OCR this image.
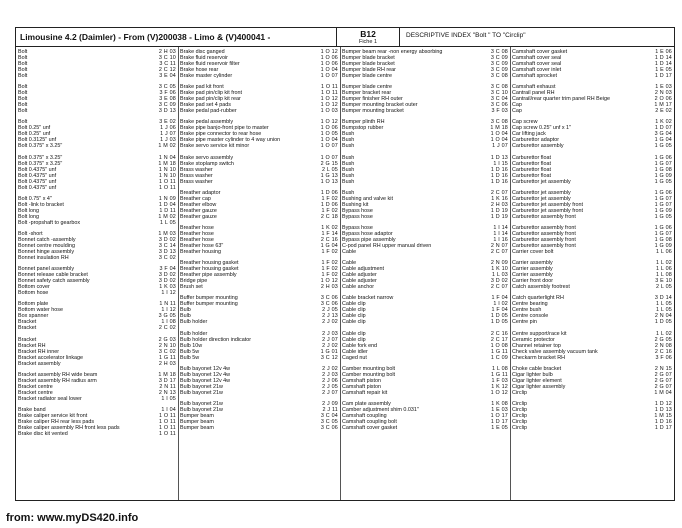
Limousine 4.2 (Daimler) - From (V)200038 - Limo & (V)400041 -	B12
Fiche 1
DESCRIPTIVE INDEX "Bolt " TO "Circlip"
Bolt	2 H 03
Bolt	3 C 10
Bolt	3 C 11
Bolt	2 C 12
Bolt	3 E 04
Bolt	3 C 05
Bolt	3 F 06
Bolt	3 E 08
Bolt	3 C 09
Bolt	3 D 13
Bolt	3 E 02
Bolt 0.25" unf	1 J 06
Bolt 0.25" unf	1 J 07
Bolt 0.3125" unf	1 J 03
Bolt 0.375" x 3.25"	1 M 02
Bolt 0.375" x 3.25"	1 N 04
Bolt 0.375" x 3.25"	1 M 18
Bolt 0.4375" unf	1 N 10
Bolt 0.4375" unf	1 N 10
Bolt 0.4375" unf	1 O 11
Bolt 0.4375" unf	1 O 11
Bolt 0.75" x 4"	1 N 09
Bolt -link to bracket	1 D 04
Bolt long	1 D 11
Bolt long	1 M 02
Bolt -propshaft to gearbox	1 L 05
Bolt -short	1 M 03
Bonnet catch -assembly	3 D 02
Bonnet centre moulding	3 C 14
Bonnet hinge assembly	3 D 13
Bonnet insulation RH	3 C 02
Bonnet panel assembly	3 F 04
Bonnet release cable bracket	3 D 02
Bonnet safety catch assembly	3 D 02
Bottom cover	1 K 03
Bottom hose	1 I 12
Bottom plate	1 N 11
Bottom water hose	1 I 12
Box spanner	3 G 05
Bracket	1 I 08
Bracket	2 C 02
Bracket	2 G 03
Bracket RH	2 N 10
Bracket RH inner	3 C 02
Bracket accelerator linkage	1 G 11
Bracket assembly	2 H 03
Bracket assembly RH wide beam	1 M 18
Bracket assembly RH radius arm	3 D 17
Bracket centre	2 N 11
Bracket centre	2 N 13
Bracket radiator seal lower	1 I 05
Brake band	1 I 04
Brake caliper service kit front	1 O 11
Brake caliper RH rear less pads	1 O 11
Brake caliper assembly RH front less pads	1 O 11
Brake disc kit vented	1 O 11
Brake disc ganged	1 O 12
Brake fluid reservoir	1 O 06
Brake fluid reservoir filter	1 O 06
Brake hose rear	1 O 04
Brake master cylinder	1 O 07
Brake pad kit front	1 O 11
Brake pad pin/clip kit front	1 O 11
Brake pad pin/clip kit rear	1 O 12
Brake pad set 4 pads	1 O 12
Brake pedal pad-rubber	1 O 03
Brake pedal assembly	1 O 12
Brake pipe banjo-front pipe to master	1 O 06
Brake pipe connector to rear hose	1 O 05
Brake pipe master cylinder to 4 way union	1 O 04
Brake servo service kit minor	1 O 07
Brake servo assembly	1 O 07
Brake stoplamp switch	2 G 15
Brass washer	2 L 05
Brass washer	1 G 13
Brass washer	1 O 13
Breather adaptor	1 D 06
Breather cap	1 F 02
Breather elbow	1 D 06
Breather gauze	1 F 02
Breather gauze	2 C 18
Breather hose	1 K 02
Breather hose	1 F 14
Breather hose	2 C 16
Breather hose 63"	1 G 04
Breather housing	1 F 02
Breather housing gasket	1 F 02
Breather housing gasket	1 F 02
Breather pipe assembly	1 F 02
Bridge pipe	1 O 12
Brush set	2 H 03
Buffer bumper mounting	3 C 06
Buffer bumper mounting	3 C 06
Bulb	2 J 05
Bulb	2 J 13
Bulb holder	2 J 02
Bulb holder	2 J 03
Bulb holder direction indicator	2 J 07
Bulb 10w	2 J 02
Bulb 5w	1 G 01
Bulb 5w	3 C 12
Bulb bayonet 12v 4w	2 J 02
Bulb bayonet 12v 4w	2 J 03
Bulb bayonet 12v 4w	2 J 06
Bulb bayonet 21w	2 J 05
Bulb bayonet 21w	2 J 07
Bulb bayonet 21w	2 J 09
Bulb bayonet 21w	2 J 11
Bumper beam	3 C 04
Bumper beam	3 C 05
Bumper beam	3 C 06
Bumper beam rear -non energy absorbing	3 C 08
Bumper blade bracket	3 C 09
Bumper blade bracket	3 C 09
Bumper blade RH rear	3 C 09
Bumper blade centre	3 C 08
Bumper blade centre	3 C 08
Bumper bracket rear	3 C 10
Bumper finisher RH outer	3 C 04
Bumper mounting bracket outer	3 C 06
Bumper mounting bracket	3 F 03
Bumper plinth RH	3 C 08
Bumpstop rubber	1 M 18
Bush	1 O 04
Bush	1 O 04
Bush	1 J 07
Bush	1 D 13
Bush	1 I 15
Bush	1 D 16
Bush	1 D 16
Bush	1 D 16
Bush	2 C 07
Bushing and valve kit	1 K 16
Bushing kit	2 H 03
Bypass hose	1 D 19
Bypass hose	1 D 19
Bypass hose	1 I 14
Bypass hose adaptor	1 I 14
Bypass pipe assembly	1 I 16
C-pod panel RH upper manual driven	2 N 07
Cable	2 C 07
Cable	2 N 09
Cable adjustment	1 K 10
Cable adjuster	1 L 03
Cable adjuster	3 D 02
Cable anchor	2 C 07
Cable bracket narrow	1 F 04
Cable clip	1 I 02
Cable clip	1 F 04
Cable clip	1 D 05
Cable clip	1 D 05
Cable clip	2 C 16
Cable clip	2 C 17
Cable fork end	1 O 08
Cable idler	1 G 11
Caged nut	1 C 09
Camber mounting bolt	1 L 08
Camber mounting bolt	1 G 11
Camshaft piston	1 F 03
Camshaft piston	1 K 12
Camshaft repair kit	1 O 12
Cam plate assembly	1 K 08
Camber adjustment shim 0.031"	1 E 03
Camshaft coupling	1 O 17
Camshaft coupling bolt	1 D 17
Camshaft cover gasket	1 E 05
Camshaft cover gasket	1 E 06
Camshaft cover seal	1 D 14
Camshaft cover seal	1 D 14
Camshaft cover inlet	1 E 05
Camshaft sprocket	1 D 17
Camshaft exhaust	1 E 03
Cantrail panel RH	2 N 03
Cantrail/rear quarter trim panel RH Beige	2 O 06
Cap	1 M 17
Cap	2 E 02
Cap screw	1 K 02
Cap screw 0.25" unf x 1"	1 D 07
Car lifting jack	3 G 04
Carburettor adaptor	1 G 04
Carburettor assembly	1 G 05
Carburettor float	1 G 06
Carburettor float	1 G 07
Carburettor float	1 G 08
Carburettor float	1 G 09
Carburettor jet assembly	1 G 05
Carburettor jet assembly	1 G 06
Carburettor jet assembly	1 G 07
Carburettor jet assembly front	1 G 07
Carburettor jet assembly front	1 G 09
Carburettor assembly front	1 G 05
Carburettor assembly front	1 G 06
Carburettor assembly front	1 G 07
Carburettor assembly front	1 G 08
Carburettor assembly front	1 G 09
Carrier cover bolt	1 L 06
Carrier assembly	1 L 02
Carrier assembly	1 L 06
Carrier assembly	1 L 08
Carrier front door	3 E 10
Catch assembly footrest	2 L 05
Catch quarterlight RH	3 D 14
Centre bearing	1 L 05
Centre bush	1 L 05
Centre console	2 N 04
Centre pin	1 D 05
Centre support/race kit	1 L 02
Ceramic protector	2 G 05
Channel retainer top	2 N 08
Check valve assembly vacuum tank	2 C 16
Checkarm bracket RH	3 F 06
Choke cable bracket	2 N 15
Cigar lighter bulb	2 G 07
Cigar lighter element	2 G 07
Cigar lighter assembly	2 G 07
Circlip	1 M 04
Circlip	1 D 12
Circlip	1 D 13
Circlip	1 M 15
Circlip	1 D 16
Circlip	1 D 17
from: www.myDS420.info
